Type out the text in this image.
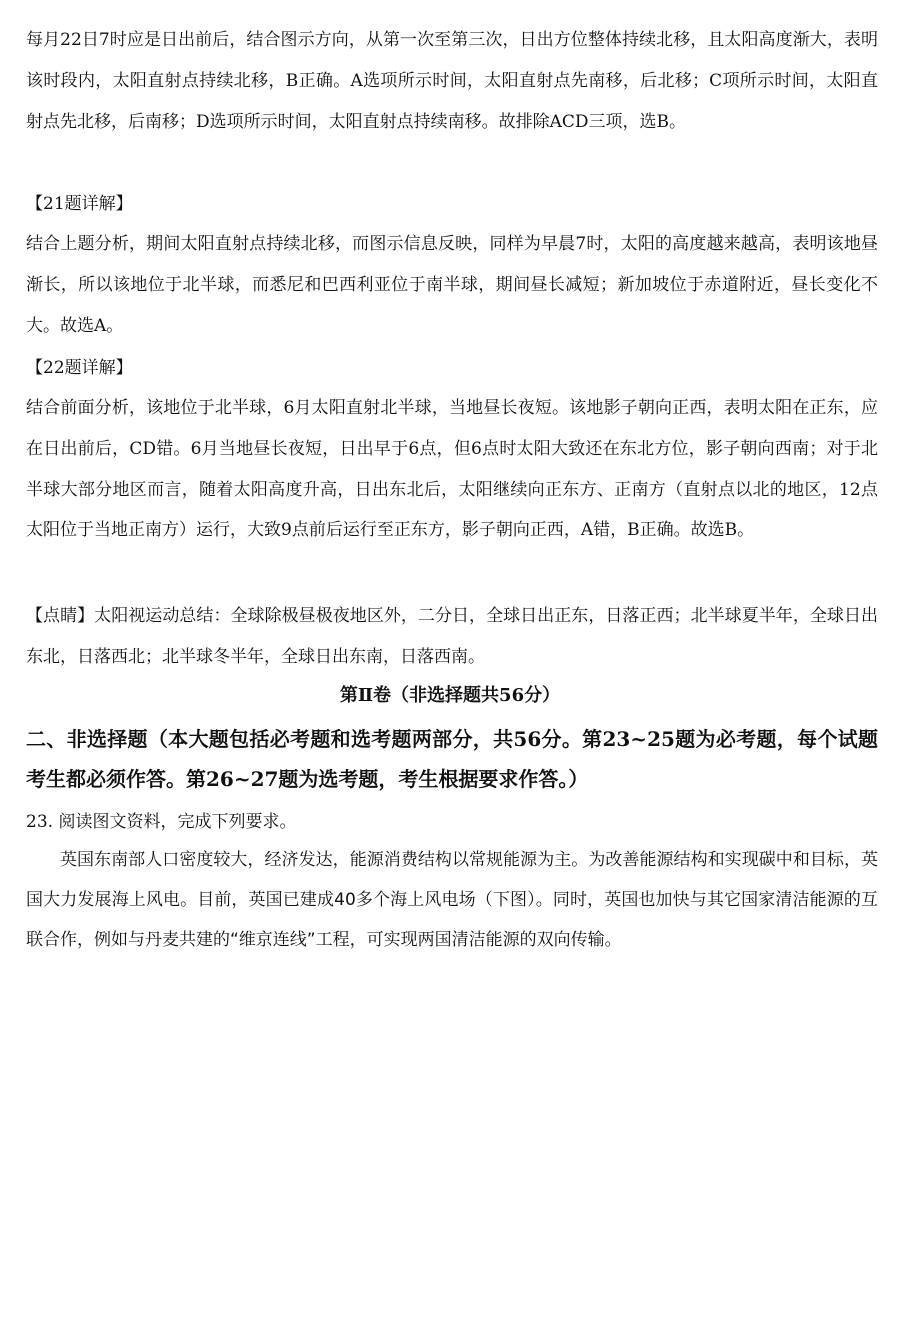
每月22日7时应是日出前后，结合图示方向，从第一次至第三次，日出方位整体持续北移，且太阳高度渐大，表明该时段内，太阳直射点持续北移，B正确。A选项所示时间，太阳直射点先南移，后北移；C项所示时间，太阳直射点先北移，后南移；D选项所示时间，太阳直射点持续南移。故排除ACD三项，选B。

【21题详解】

结合上题分析，期间太阳直射点持续北移，而图示信息反映，同样为早晨7时，太阳的高度越来越高，表明该地昼渐长，所以该地位于北半球，而悉尼和巴西利亚位于南半球，期间昼长减短；新加坡位于赤道附近，昼长变化不大。故选A。

【22题详解】

结合前面分析，该地位于北半球，6月太阳直射北半球，当地昼长夜短。该地影子朝向正西，表明太阳在正东，应在日出前后，CD错。6月当地昼长夜短，日出早于6点，但6点时太阳大致还在东北方位，影子朝向西南；对于北半球大部分地区而言，随着太阳高度升高，日出东北后，太阳继续向正东方、正南方（直射点以北的地区，12点太阳位于当地正南方）运行，大致9点前后运行至正东方，影子朝向正西，A错，B正确。故选B。

【点睛】太阳视运动总结：全球除极昼极夜地区外，二分日，全球日出正东，日落正西；北半球夏半年，全球日出东北，日落西北；北半球冬半年，全球日出东南，日落西南。

第Ⅱ卷（非选择题共56分）

二、非选择题（本大题包括必考题和选考题两部分，共56分。第23~25题为必考题，每个试题考生都必须作答。第26~27题为选考题，考生根据要求作答。）

23. 阅读图文资料，完成下列要求。

英国东南部人口密度较大，经济发达，能源消费结构以常规能源为主。为改善能源结构和实现碳中和目标，英国大力发展海上风电。目前，英国已建成40多个海上风电场（下图）。同时，英国也加快与其它国家清洁能源的互联合作，例如与丹麦共建的“维京连线”工程，可实现两国清洁能源的双向传输。
